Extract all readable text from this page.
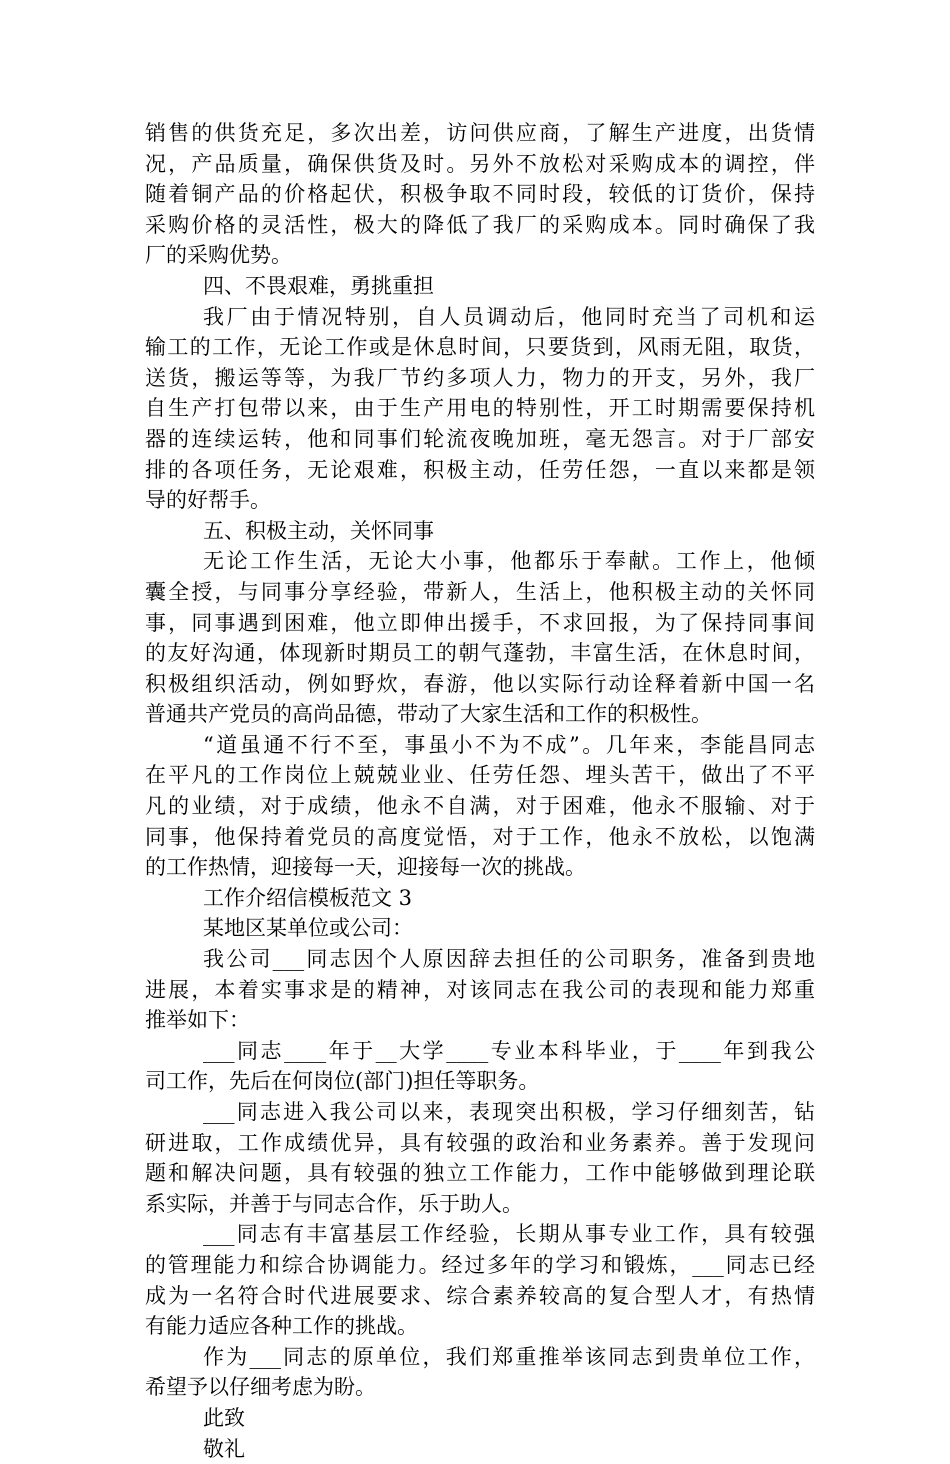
销售的供货充足，多次出差，访问供应商，了解生产进度，出货情
况，产品质量，确保供货及时。另外不放松对采购成本的调控，伴
随着铜产品的价格起伏，积极争取不同时段，较低的订货价，保持
采购价格的灵活性，极大的降低了我厂的采购成本。同时确保了我
厂的采购优势。
四、不畏艰难，勇挑重担
我厂由于情况特别，自人员调动后，他同时充当了司机和运
输工的工作，无论工作或是休息时间，只要货到，风雨无阻，取货，
送货，搬运等等，为我厂节约多项人力，物力的开支，另外，我厂
自生产打包带以来，由于生产用电的特别性，开工时期需要保持机
器的连续运转，他和同事们轮流夜晚加班，毫无怨言。对于厂部安
排的各项任务，无论艰难，积极主动，任劳任怨，一直以来都是领
导的好帮手。
五、积极主动，关怀同事
无论工作生活，无论大小事，他都乐于奉献。工作上，他倾
囊全授，与同事分享经验，带新人，生活上，他积极主动的关怀同
事，同事遇到困难，他立即伸出援手，不求回报，为了保持同事间
的友好沟通，体现新时期员工的朝气蓬勃，丰富生活，在休息时间，
积极组织活动，例如野炊，春游，他以实际行动诠释着新中国一名
普通共产党员的高尚品德，带动了大家生活和工作的积极性。
“道虽通不行不至，事虽小不为不成”。几年来，李能昌同志
在平凡的工作岗位上兢兢业业、任劳任怨、埋头苦干，做出了不平
凡的业绩，对于成绩，他永不自满，对于困难，他永不服输、对于
同事，他保持着党员的高度觉悟，对于工作，他永不放松，以饱满
的工作热情，迎接每一天，迎接每一次的挑战。
工作介绍信模板范文 3
某地区某单位或公司：
我公司___同志因个人原因辞去担任的公司职务，准备到贵地
进展，本着实事求是的精神，对该同志在我公司的表现和能力郑重
推举如下：
___同志____年于__大学____专业本科毕业，于____年到我公
司工作，先后在何岗位(部门)担任等职务。
___同志进入我公司以来，表现突出积极，学习仔细刻苦，钻
研进取，工作成绩优异，具有较强的政治和业务素养。善于发现问
题和解决问题，具有较强的独立工作能力，工作中能够做到理论联
系实际，并善于与同志合作，乐于助人。
___同志有丰富基层工作经验，长期从事专业工作，具有较强
的管理能力和综合协调能力。经过多年的学习和锻炼，___同志已经
成为一名符合时代进展要求、综合素养较高的复合型人才，有热情
有能力适应各种工作的挑战。
作为___同志的原单位，我们郑重推举该同志到贵单位工作，
希望予以仔细考虑为盼。
此致
敬礼
